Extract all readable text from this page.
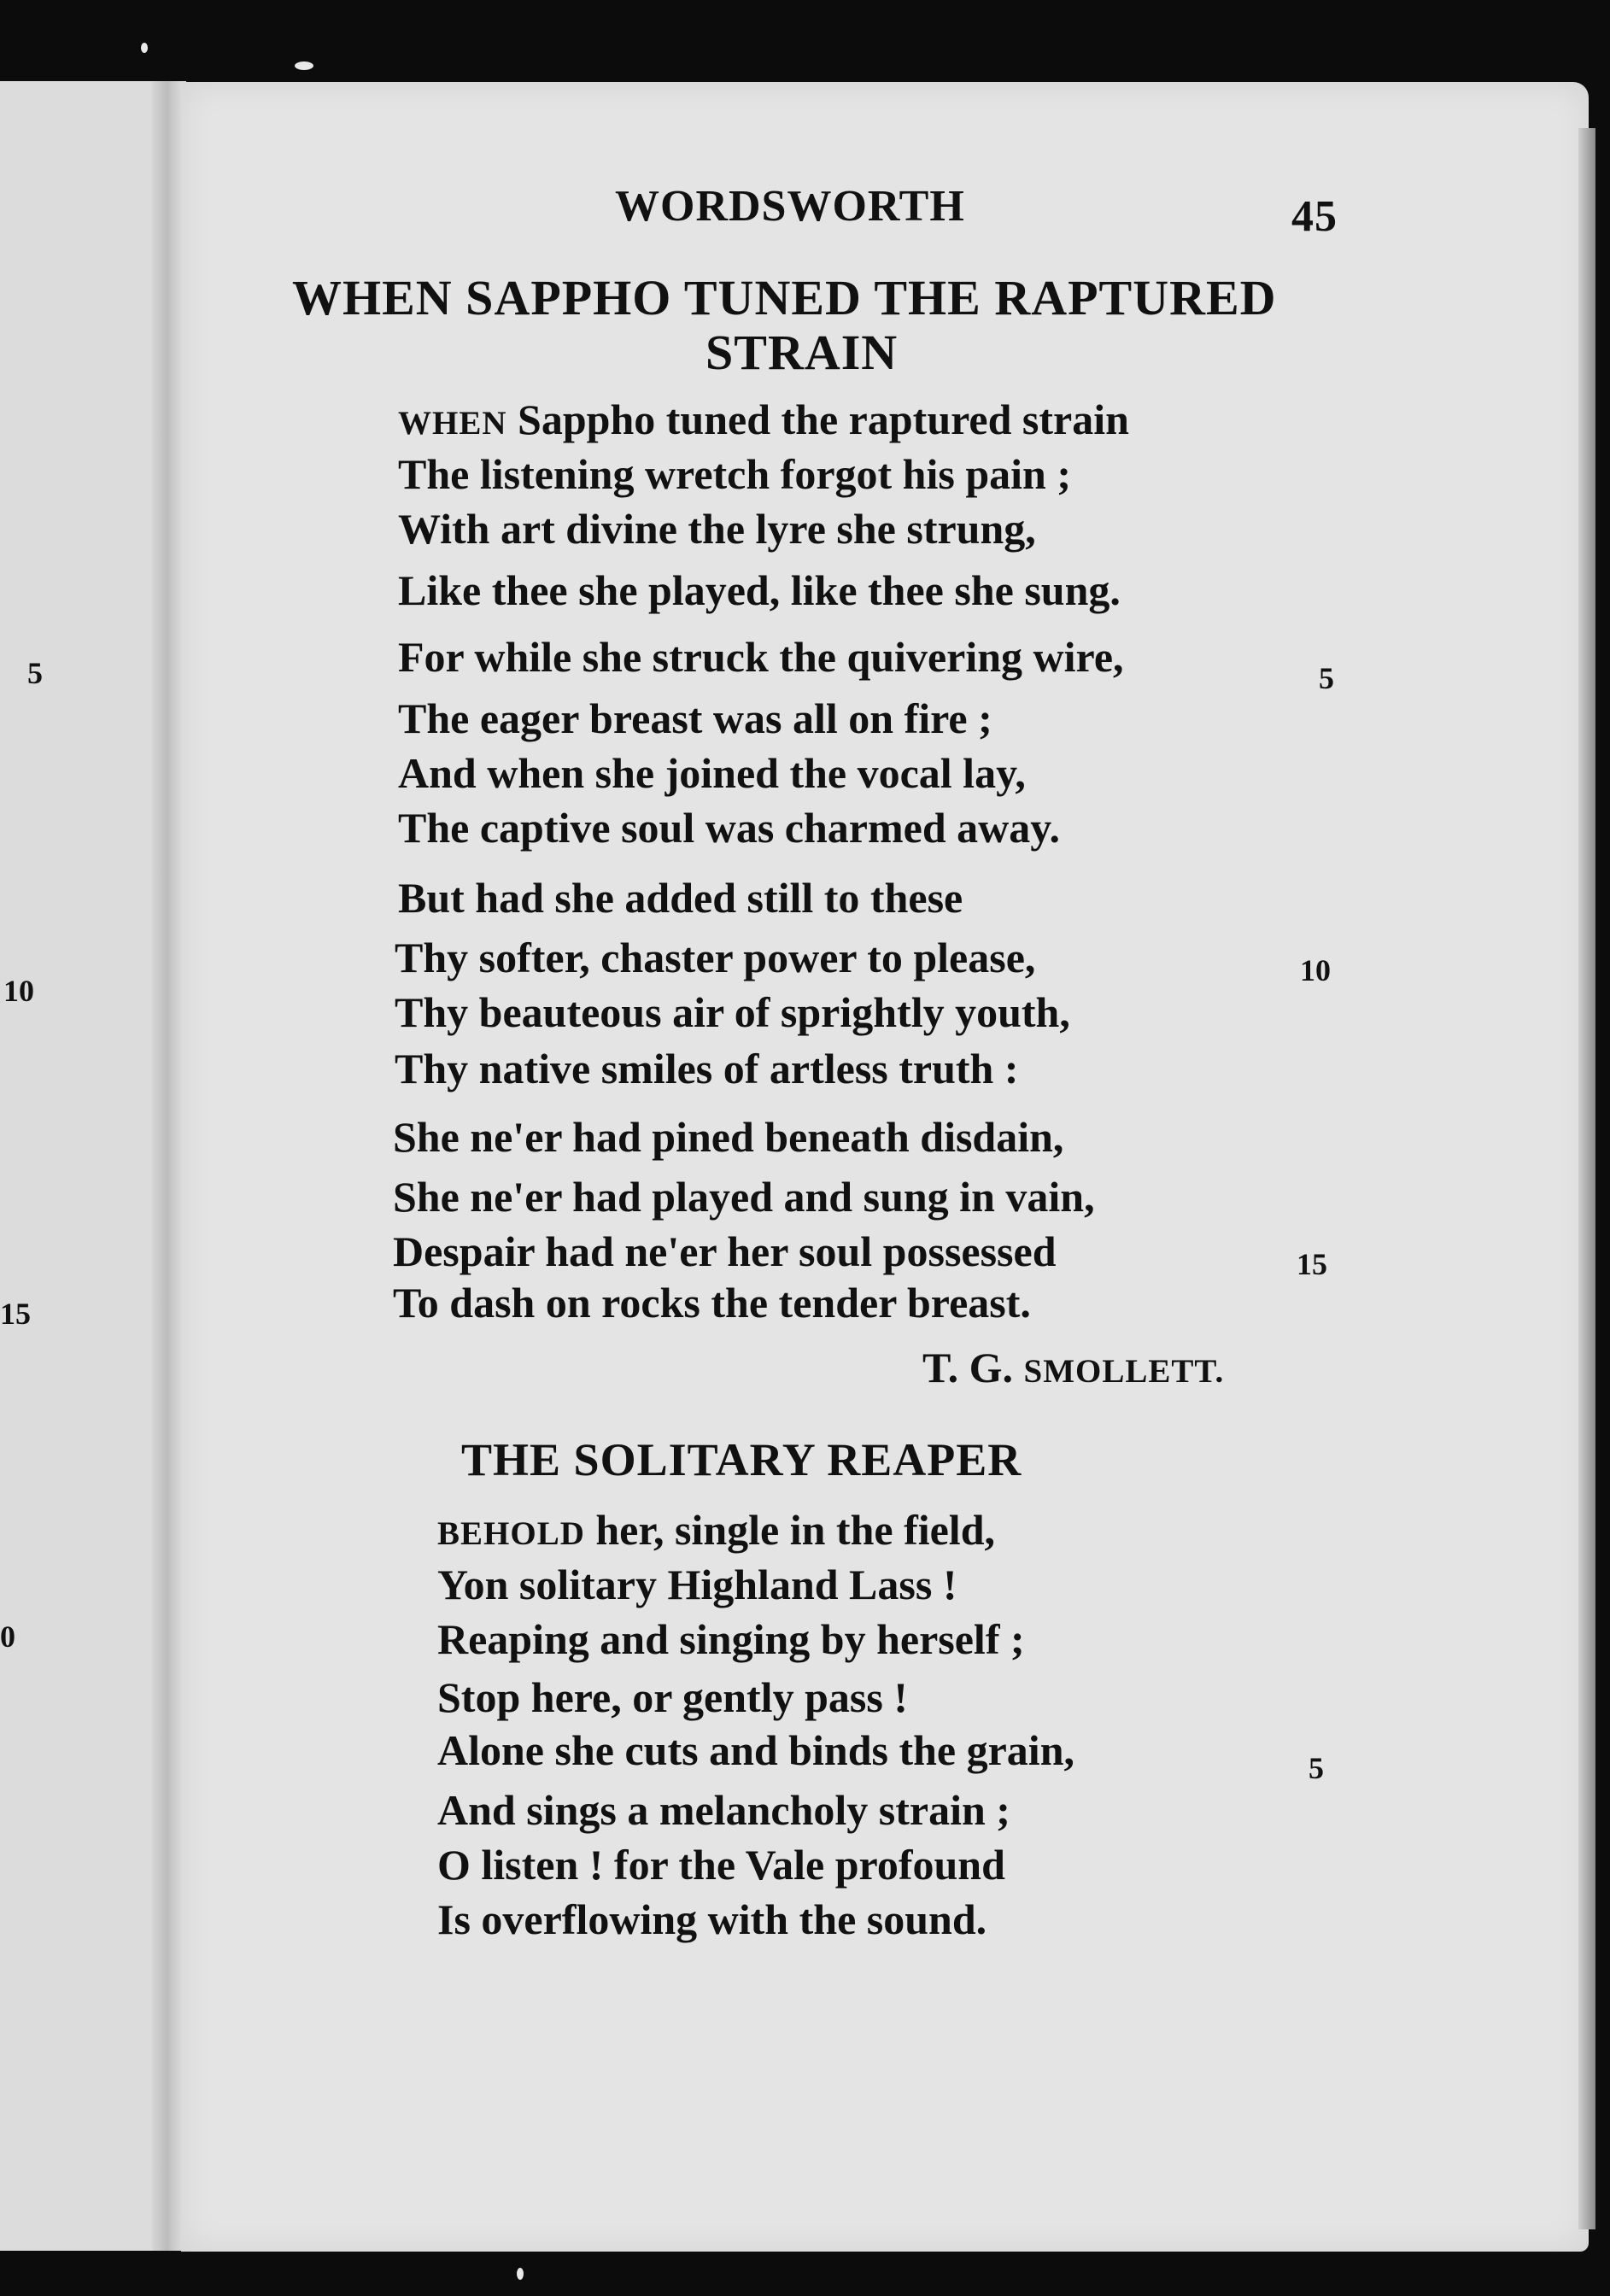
5
10
15
0
WORDSWORTH	45
WHEN SAPPHO TUNED THE RAPTURED
STRAIN
WHEN Sappho tuned the raptured strain
The listening wretch forgot his pain ;
With art divine the lyre she strung,
Like thee she played, like thee she sung.
For while she struck the quivering wire,
The eager breast was all on fire ;
And when she joined the vocal lay,
The captive soul was charmed away.
But had she added still to these
Thy softer, chaster power to please,
Thy beauteous air of sprightly youth,
Thy native smiles of artless truth :
She ne'er had pined beneath disdain,
She ne'er had played and sung in vain,
Despair had ne'er her soul possessed
To dash on rocks the tender breast.
5
10
15
T. G. SMOLLETT.
THE SOLITARY REAPER
BEHOLD her, single in the field,
Yon solitary Highland Lass !
Reaping and singing by herself ;
Stop here, or gently pass !
Alone she cuts and binds the grain,
And sings a melancholy strain ;
O listen ! for the Vale profound
Is overflowing with the sound.
5
